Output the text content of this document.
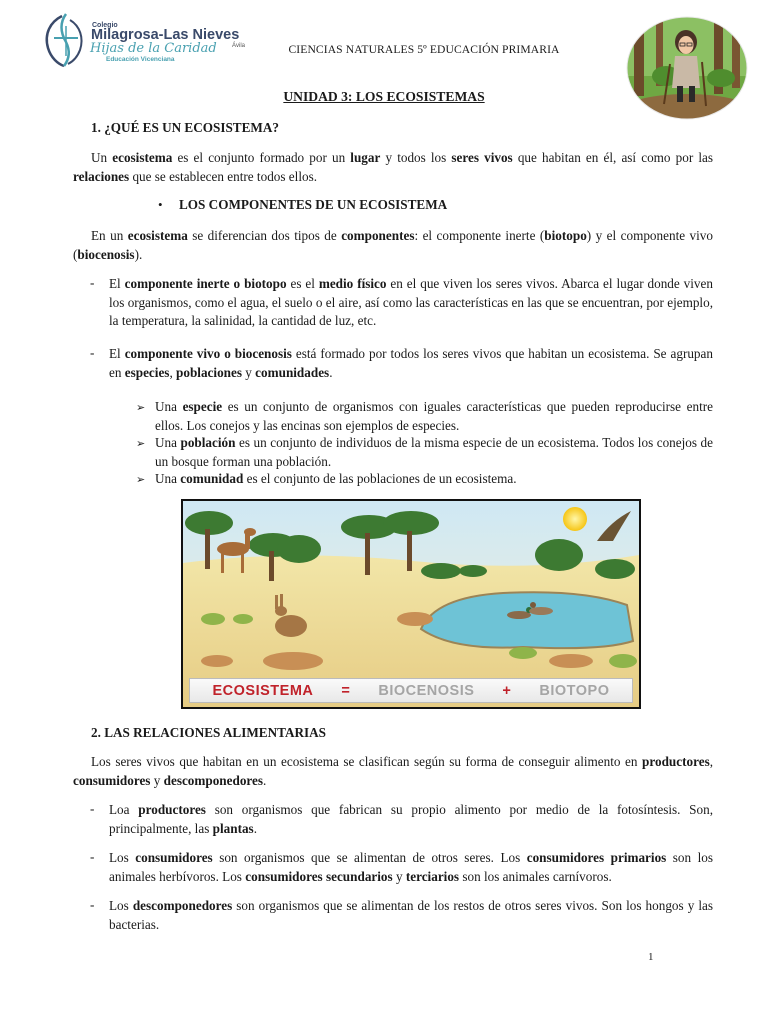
Colegio
Milagrosa-Las Nieves
Ávila
Hijas de la Caridad
Educación Vicenciana
CIENCIAS NATURALES 5º EDUCACIÓN PRIMARIA
UNIDAD 3: LOS ECOSISTEMAS
1. ¿QUÉ ES UN ECOSISTEMA?

Un ecosistema es el conjunto formado por un lugar y todos los seres vivos que habitan en él, así como por las relaciones que se establecen entre todos ellos.

• LOS COMPONENTES DE UN ECOSISTEMA

En un ecosistema se diferencian dos tipos de componentes: el componente inerte (biotopo) y el componente vivo (biocenosis).

- El componente inerte o biotopo es el medio físico en el que viven los seres vivos. Abarca el lugar donde viven los organismos, como el agua, el suelo o el aire, así como las características en las que se encuentran, por ejemplo, la temperatura, la salinidad, la cantidad de luz, etc.

- El componente vivo o biocenosis está formado por todos los seres vivos que habitan un ecosistema. Se agrupan en especies, poblaciones y comunidades.

➢ Una especie es un conjunto de organismos con iguales características que pueden reproducirse entre ellos. Los conejos y las encinas son ejemplos de especies.

➢ Una población es un conjunto de individuos de la misma especie de un ecosistema. Todos los conejos de un bosque forman una población.

➢ Una comunidad es el conjunto de las poblaciones de un ecosistema.

ECOSISTEMA = BIOCENOSIS + BIOTOPO
2. LAS RELACIONES ALIMENTARIAS

Los seres vivos que habitan en un ecosistema se clasifican según su forma de conseguir alimento en productores, consumidores y descomponedores.

- Loa productores son organismos que fabrican su propio alimento por medio de la fotosíntesis. Son, principalmente, las plantas.

- Los consumidores son organismos que se alimentan de otros seres. Los consumidores primarios son los animales herbívoros. Los consumidores secundarios y terciarios son los animales carnívoros.

- Los descomponedores son organismos que se alimentan de los restos de otros seres vivos. Son los hongos y las bacterias.

1
